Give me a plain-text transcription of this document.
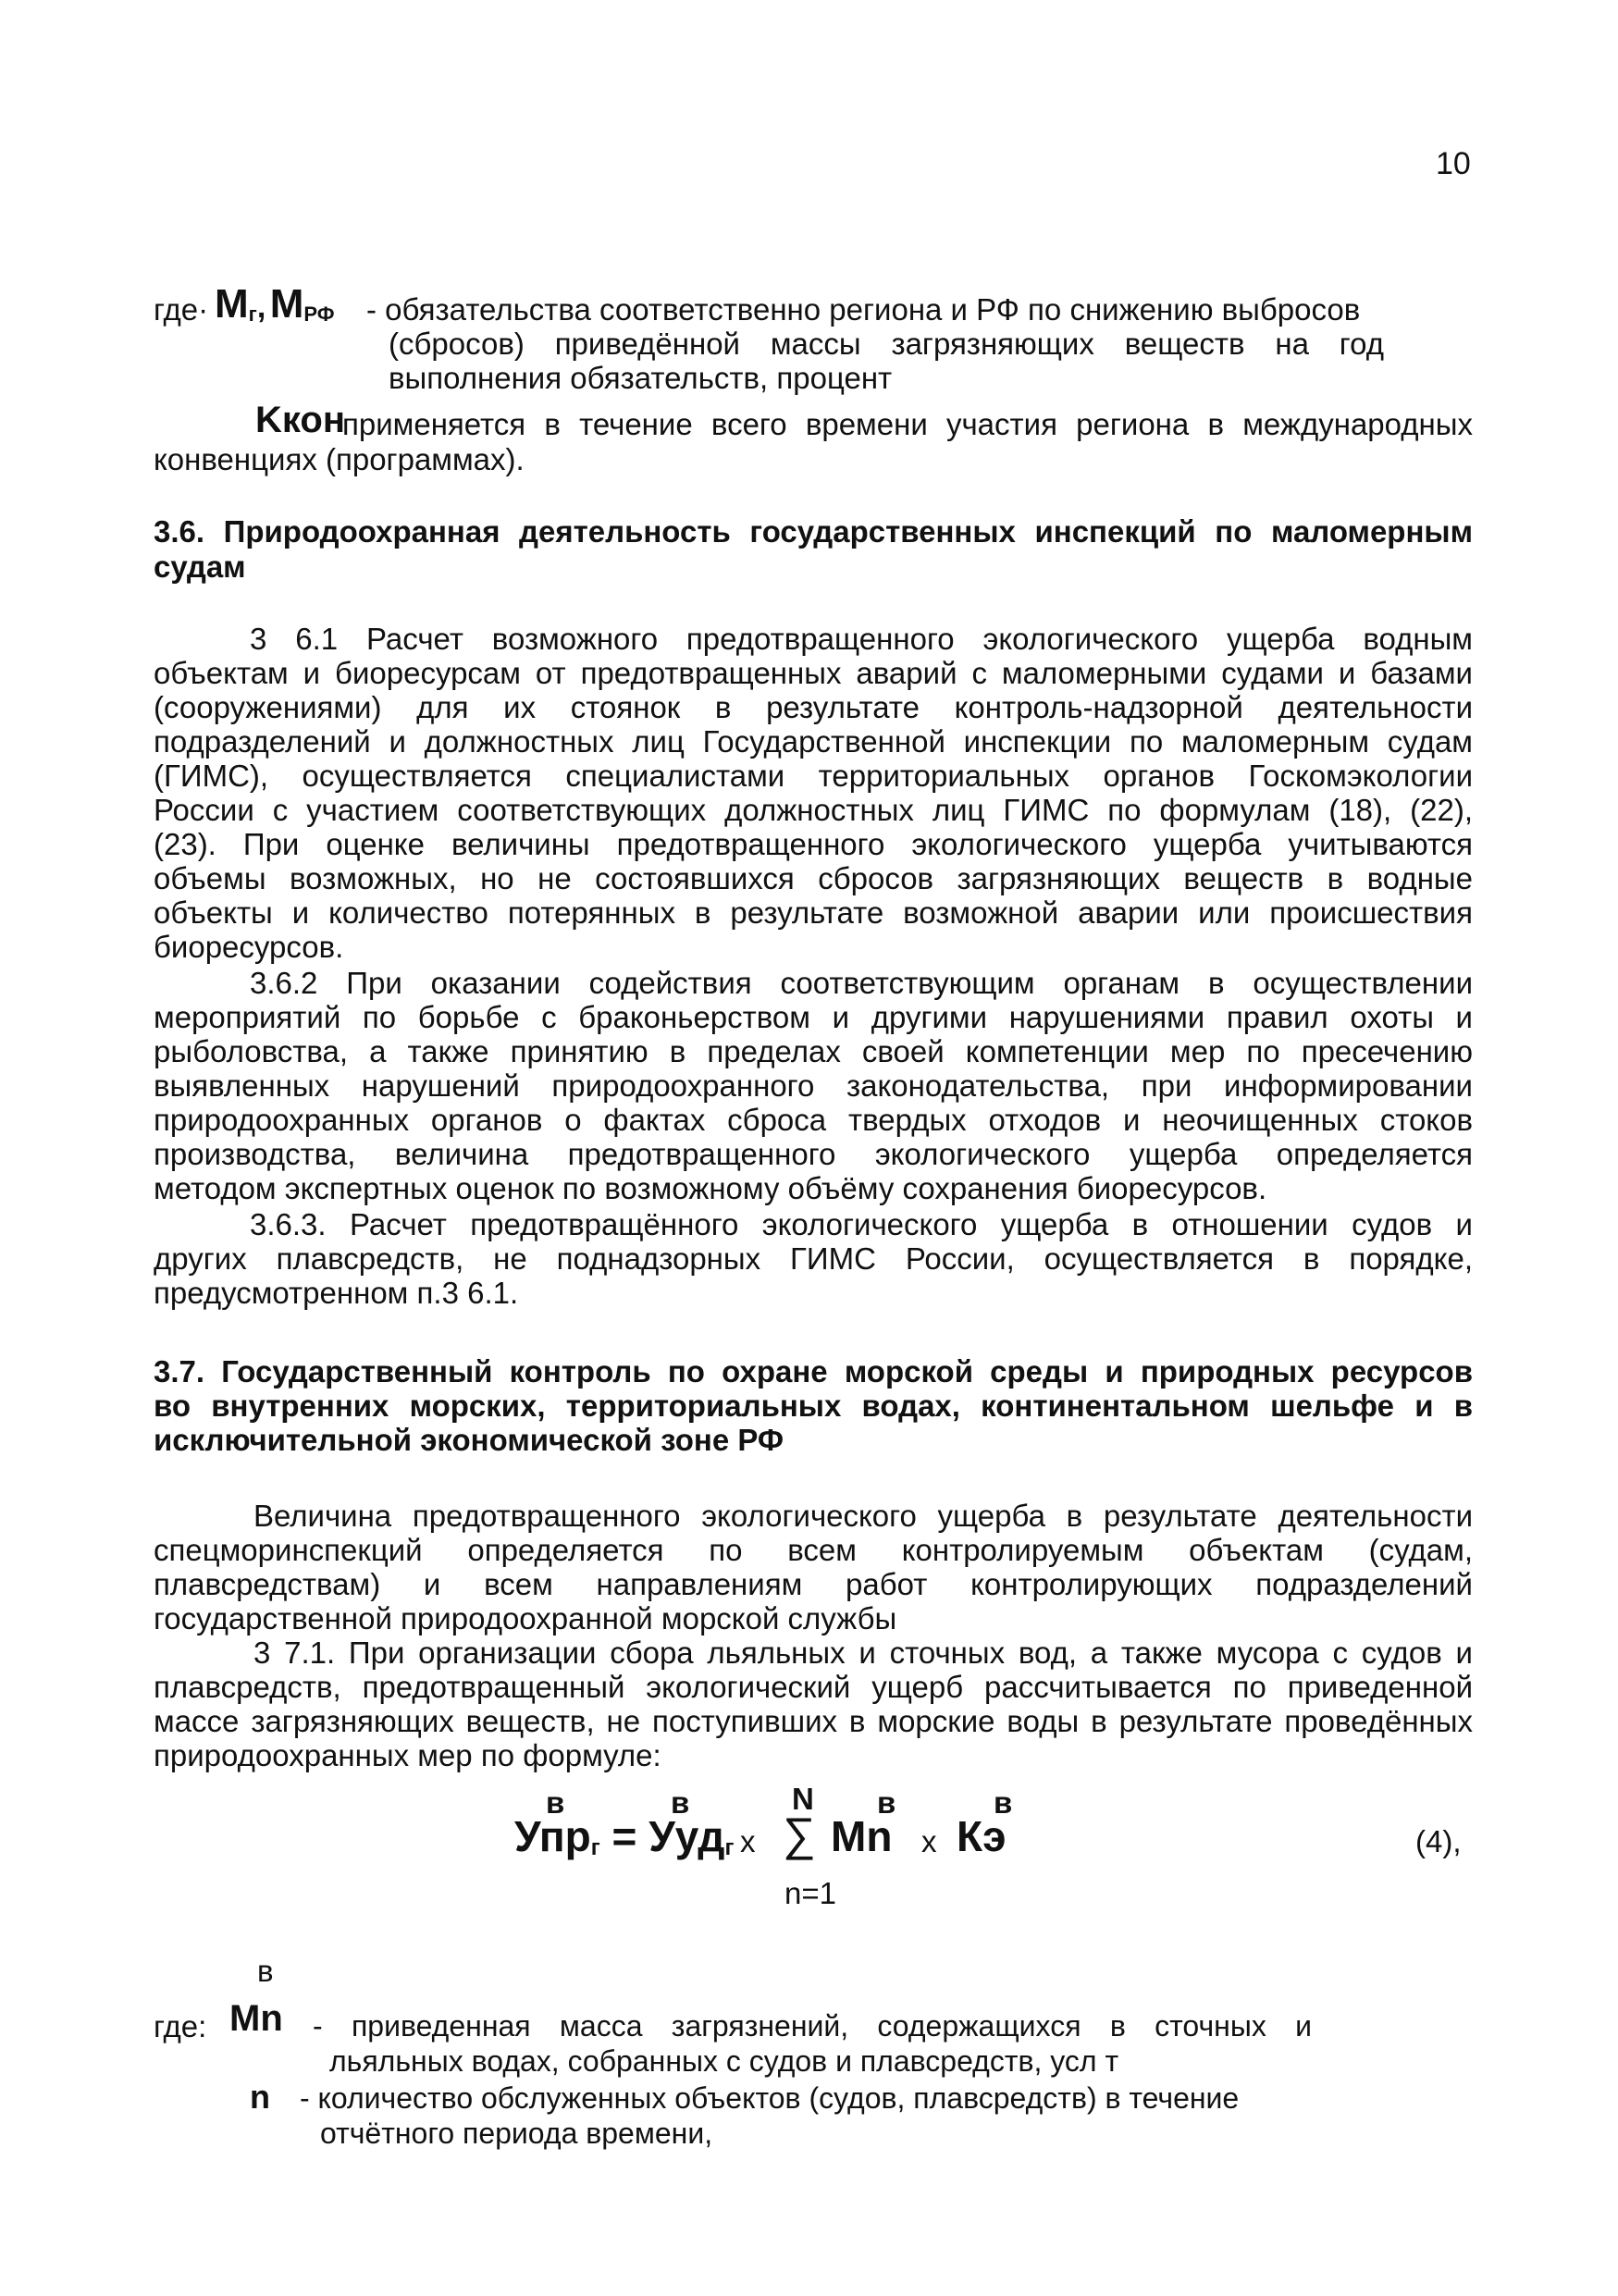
10
где· Mг, MРФ - обязательства соответственно региона и РФ по снижению выбросов
(сбросов) приведённой массы загрязняющих веществ на год
выполнения обязательств, процент
Kкон
применяется в течение всего времени участия региона в международных
конвенциях (программах).
3.6. Природоохранная деятельность государственных инспекций по маломерным
судам
3 6.1 Расчет возможного предотвращенного экологического ущерба водным
объектам и биоресурсам от предотвращенных аварий с маломерными судами и базами
(сооружениями) для их стоянок в результате контроль-надзорной деятельности
подразделений и должностных лиц Государственной инспекции по маломерным судам
(ГИМС), осуществляется специалистами территориальных органов Госкомэкологии
России с участием соответствующих должностных лиц ГИМС по формулам (18), (22),
(23). При оценке величины предотвращенного экологического ущерба учитываются
объемы возможных, но не состоявшихся сбросов загрязняющих веществ в водные
объекты и количество потерянных в результате возможной аварии или происшествия
биоресурсов.
3.6.2 При оказании содействия соответствующим органам в осуществлении
мероприятий по борьбе с браконьерством и другими нарушениями правил охоты и
рыболовства, а также принятию в пределах своей компетенции мер по пресечению
выявленных нарушений природоохранного законодательства, при информировании
природоохранных органов о фактах сброса твердых отходов и неочищенных стоков
производства, величина предотвращенного экологического ущерба определяется
методом экспертных оценок по возможному объёму сохранения биоресурсов.
3.6.3. Расчет предотвращённого экологического ущерба в отношении судов и
других плавсредств, не поднадзорных ГИМС России, осуществляется в порядке,
предусмотренном п.3 6.1.
3.7. Государственный контроль по охране морской среды и природных ресурсов
во внутренних морских, территориальных водах, континентальном шельфе и в
исключительной экономической зоне РФ
Величина предотвращенного экологического ущерба в результате деятельности
спецморинспекций определяется по всем контролируемым объектам (судам,
плавсредствам) и всем направлениям работ контролирующих подразделений
государственной природоохранной морской службы
3 7.1. При организации сбора льяльных и сточных вод, а также мусора с судов и
плавсредств, предотвращенный экологический ущерб рассчитывается по приведенной
массе загрязняющих веществ, не поступивших в морские воды в результате проведённых
природоохранных мер по формуле:
в	в	N в	в
Упрг = Уудг x ∑ Mn x Кэ
n=1
(4),
в
где: Mn - приведенная масса загрязнений, содержащихся в сточных и
льяльных водах, собранных с судов и плавсредств, усл т
n - количество обслуженных объектов (судов, плавсредств) в течение
отчётного периода времени,
